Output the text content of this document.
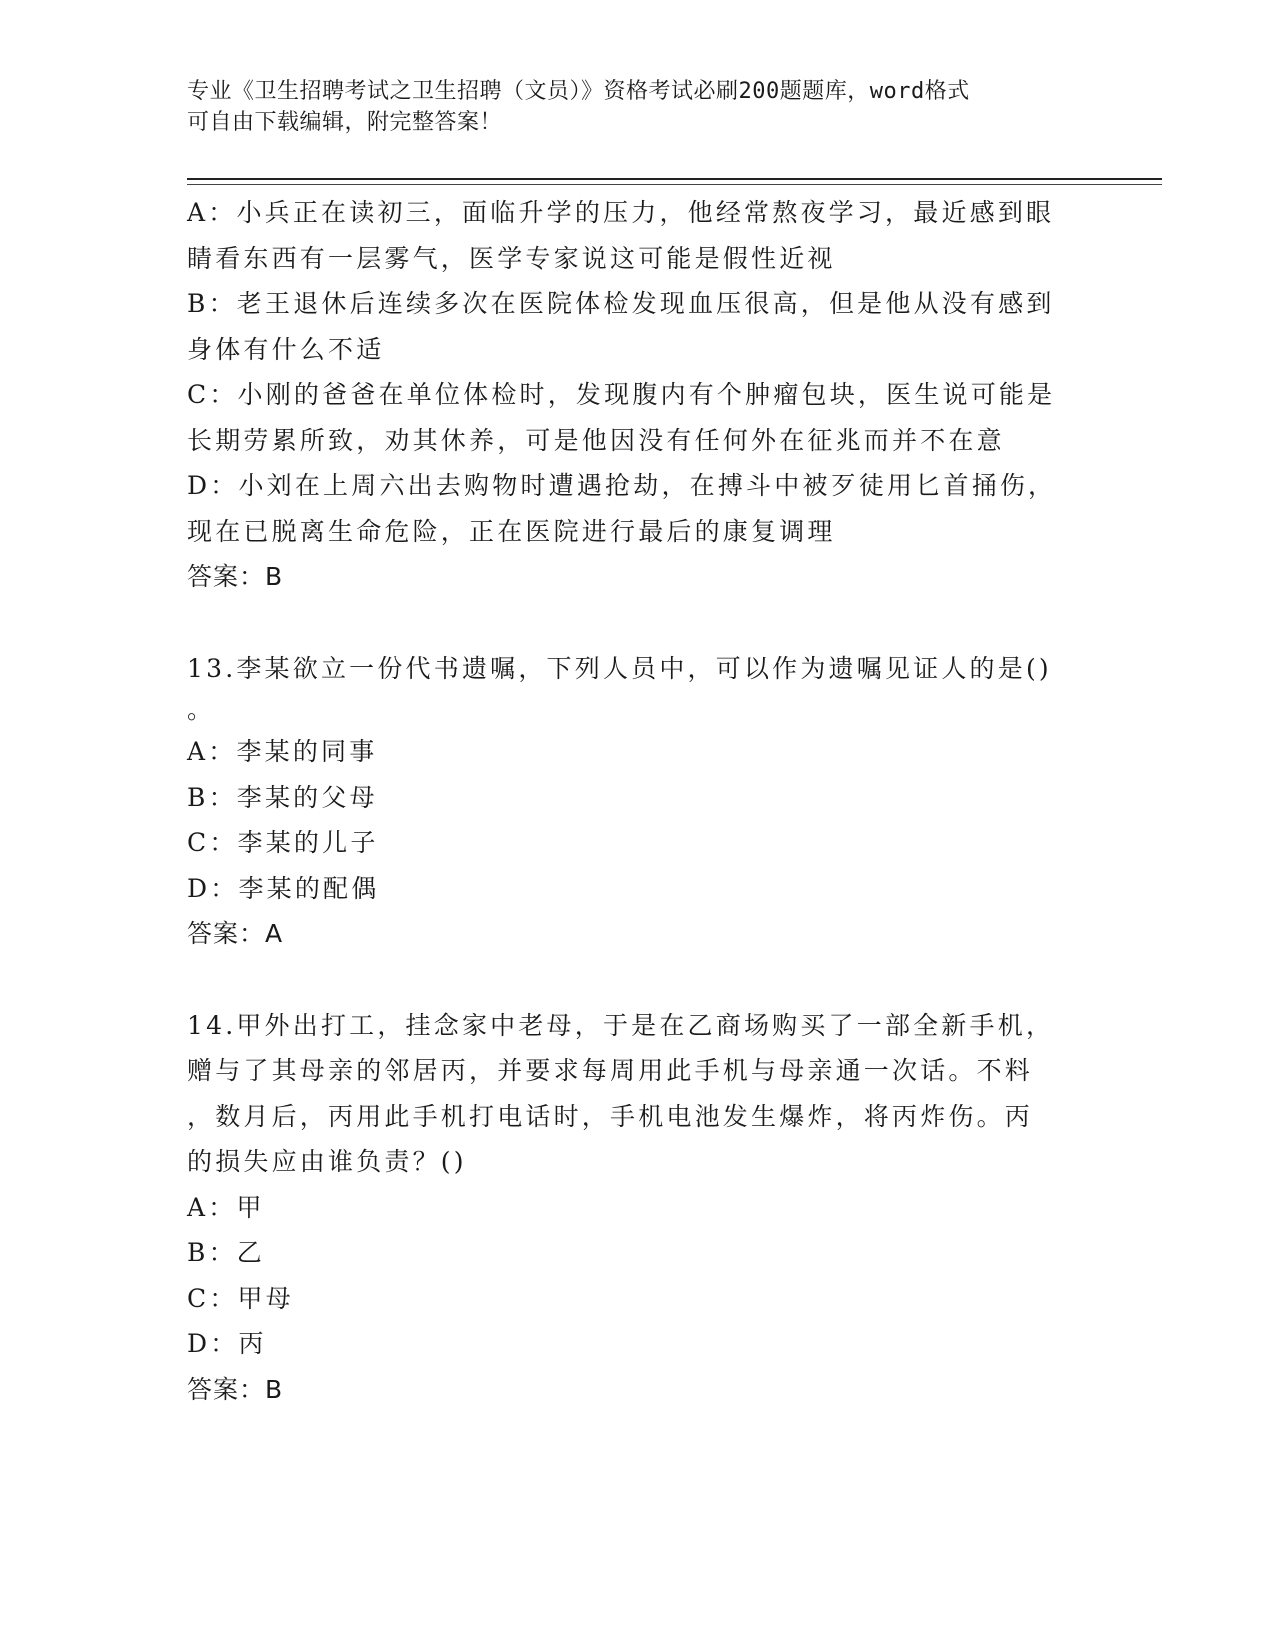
专业《卫生招聘考试之卫生招聘（文员）》资格考试必刷200题题库，word格式
可自由下载编辑，附完整答案！
A：小兵正在读初三，面临升学的压力，他经常熬夜学习，最近感到眼
睛看东西有一层雾气，医学专家说这可能是假性近视
B：老王退休后连续多次在医院体检发现血压很高，但是他从没有感到
身体有什么不适
C：小刚的爸爸在单位体检时，发现腹内有个肿瘤包块，医生说可能是
长期劳累所致，劝其休养，可是他因没有任何外在征兆而并不在意
D：小刘在上周六出去购物时遭遇抢劫，在搏斗中被歹徒用匕首捅伤，
现在已脱离生命危险，正在医院进行最后的康复调理
答案：B
13.李某欲立一份代书遗嘱，下列人员中，可以作为遗嘱见证人的是()
。
A：李某的同事
B：李某的父母
C：李某的儿子
D：李某的配偶
答案：A
14.甲外出打工，挂念家中老母，于是在乙商场购买了一部全新手机，
赠与了其母亲的邻居丙，并要求每周用此手机与母亲通一次话。不料
，数月后，丙用此手机打电话时，手机电池发生爆炸，将丙炸伤。丙
的损失应由谁负责？()
A：甲
B：乙
C：甲母
D：丙
答案：B
